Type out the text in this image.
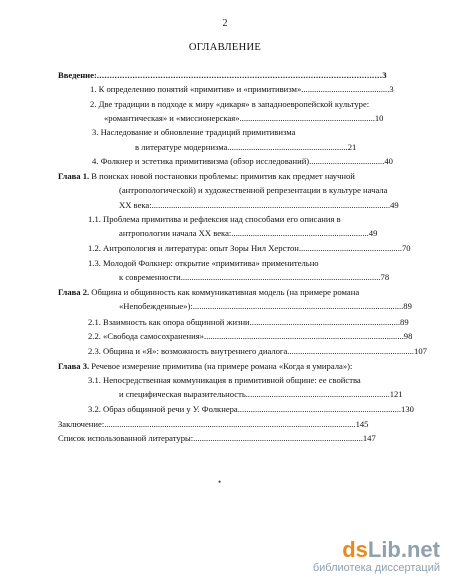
2
ОГЛАВЛЕНИЕ
Введение:................................................................................................................3
1. К определению понятий «примитив» и «примитивизм».........................................3
2. Две традиции в подходе к миру «дикаря» в западноевропейской культуре:
«романтическая» и «миссионерская»...............................................................10
3. Наследование и обновление традиций примитивизма
в литературе модернизма........................................................21
4. Фолкнер и эстетика примитивизма (обзор исследований)...................................40
Глава 1. В поисках новой постановки проблемы: примитив как предмет научной
(антропологической) и художественной репрезентации в культуре начала
XX века:...............................................................................................................49
1.1. Проблема примитива и рефлексия над способами его описания в
антропологии начала XX века:................................................................49
1.2. Антропология и литература: опыт Зоры Нил Херстон................................................70
1.3. Молодой Фолкнер: открытие «примитива» применительно
к современности.............................................................................................78
Глава 2. Община и общинность как коммуникативная модель (на примере романа
«Непобежденные»):..................................................................................................89
2.1. Взаимность как опора общинной жизни......................................................................89
2.2. «Свобода самосохранения».............................................................................................98
2.3. Община и «Я»: возможность внутреннего диалога...........................................................107
Глава 3. Речевое измерение примитива (на примере романа «Когда я умирала»):
3.1. Непосредственная коммуникация в примитивной общине: ее свойства
и специфическая выразительность...................................................................121
3.2. Образ общинной речи у У. Фолкнера............................................................................130
Заключение:.....................................................................................................................145
Список использованной литературы:...............................................................................147
•
dsLib.net
библиотека диссертаций
